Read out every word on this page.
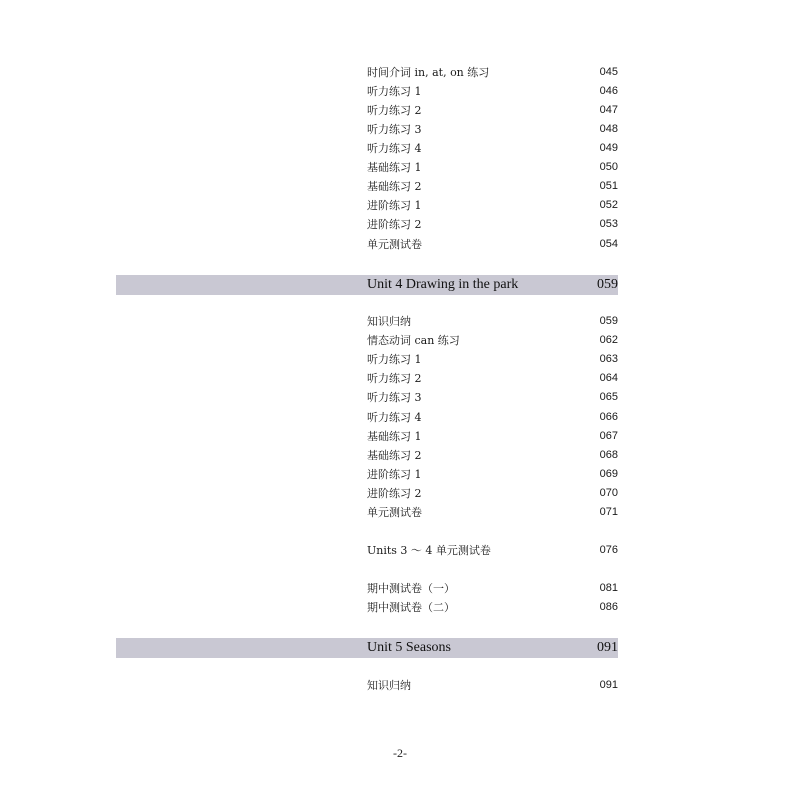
时间介词 in, at, on 练习	045
听力练习 1	046
听力练习 2	047
听力练习 3	048
听力练习 4	049
基础练习 1	050
基础练习 2	051
进阶练习 1	052
进阶练习 2	053
单元测试卷	054
Unit 4 Drawing in the park	059
知识归纳	059
情态动词 can 练习	062
听力练习 1	063
听力练习 2	064
听力练习 3	065
听力练习 4	066
基础练习 1	067
基础练习 2	068
进阶练习 1	069
进阶练习 2	070
单元测试卷	071
Units 3 ～ 4 单元测试卷	076
期中测试卷（一）	081
期中测试卷（二）	086
Unit 5 Seasons	091
知识归纳	091
-2-
